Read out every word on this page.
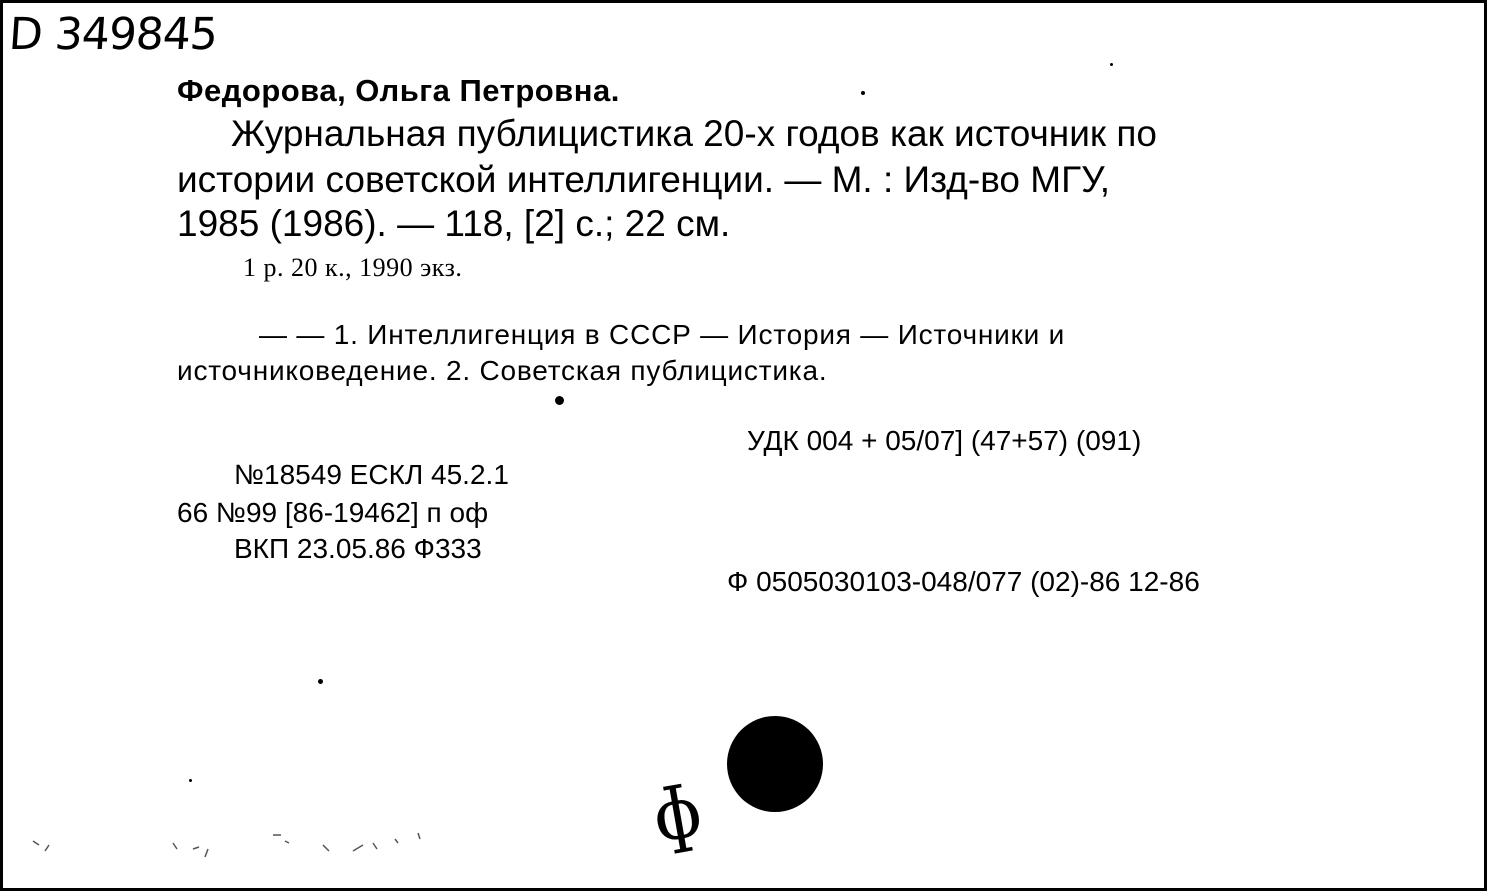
D 349845
Федорова, Ольга Петровна.
Журнальная публицистика 20-х годов как источник по
истории советской интеллигенции. — М. : Изд-во МГУ,
1985 (1986). — 118, [2] с.; 22 см.
1 р. 20 к., 1990 экз.
— — 1. Интеллигенция в СССР — История — Источники и
источниковедение. 2. Советская публицистика.
УДК 004 + 05/07] (47+57) (091)
№18549 ЕСКЛ 45.2.1
66 №99 [86-19462] п оф
ВКП 23.05.86 Ф333
Ф 0505030103-048/077 (02)-86 12-86
ɸ
